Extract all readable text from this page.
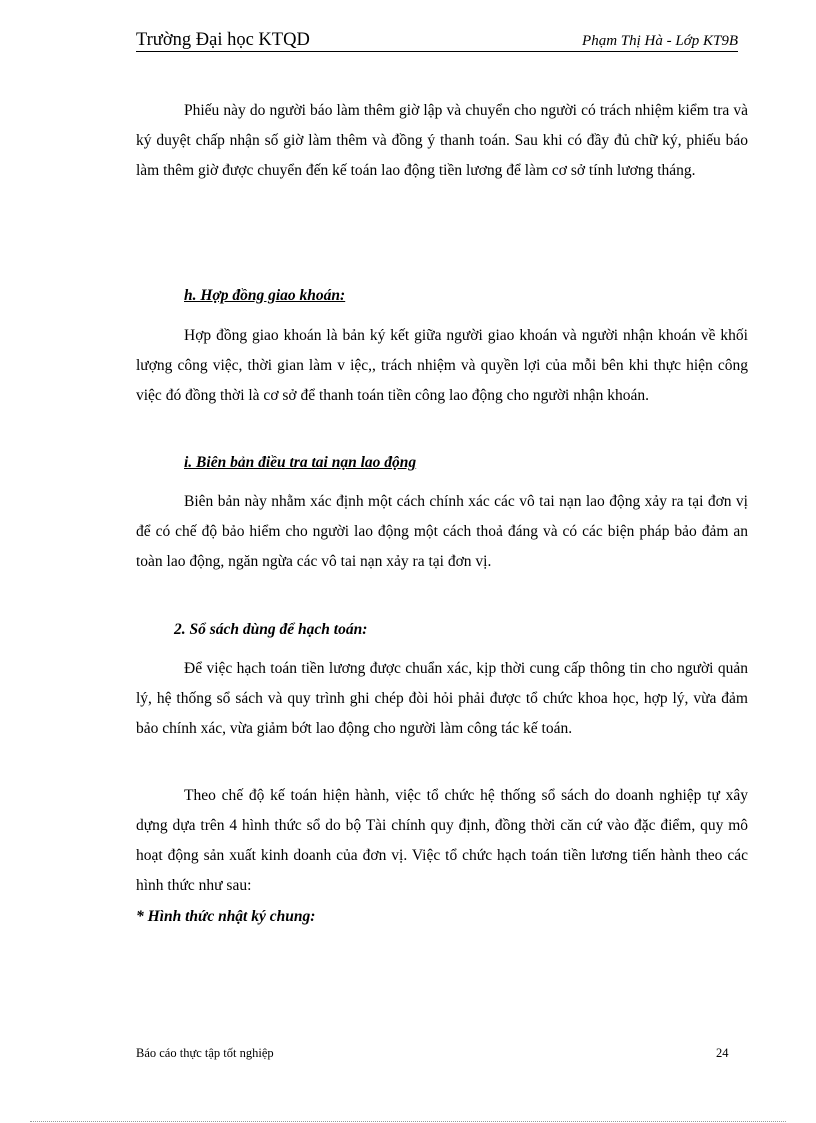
Trường Đại học KTQD	Phạm Thị Hà - Lớp KT9B

Phiếu này do người báo làm thêm giờ lập và chuyển cho người có trách nhiệm kiểm tra và ký duyệt chấp nhận số giờ làm thêm và đồng ý thanh toán. Sau khi có đầy đủ chữ ký, phiếu báo làm thêm giờ được chuyển đến kế toán lao động tiền lương để làm cơ sở tính lương tháng.

h. Hợp đồng giao khoán:

Hợp đồng giao khoán là bản ký kết giữa người giao khoán và người nhận khoán về khối lượng công việc, thời gian làm v iệc,, trách nhiệm và quyền lợi của mỗi bên khi thực hiện công việc đó đồng thời là cơ sở để thanh toán tiền công lao động cho người nhận khoán.

i. Biên bản điều tra tai nạn lao động

Biên bản này nhằm xác định một cách chính xác các vô tai nạn lao động xảy ra tại đơn vị để có chế độ bảo hiểm cho người lao động một cách thoả đáng và có các biện pháp bảo đảm an toàn lao động, ngăn ngừa các vô tai nạn xảy ra tại đơn vị.

2. Sổ sách dùng để hạch toán:

Để việc hạch toán tiền lương được chuẩn xác, kịp thời cung cấp thông tin cho người quản lý, hệ thống sổ sách và quy trình ghi chép đòi hỏi phải được tổ chức khoa học, hợp lý, vừa đảm bảo chính xác, vừa giảm bớt lao động cho người làm công tác kế toán.

Theo chế độ kế toán hiện hành, việc tổ chức hệ thống sổ sách do doanh nghiệp tự xây dựng dựa trên 4 hình thức sổ do bộ Tài chính quy định, đồng thời căn cứ vào đặc điểm, quy mô hoạt động sản xuất kinh doanh của đơn vị. Việc tổ chức hạch toán tiền lương tiến hành theo các hình thức như sau:

* Hình thức nhật ký chung:

Báo cáo thực tập tốt nghiệp	24
